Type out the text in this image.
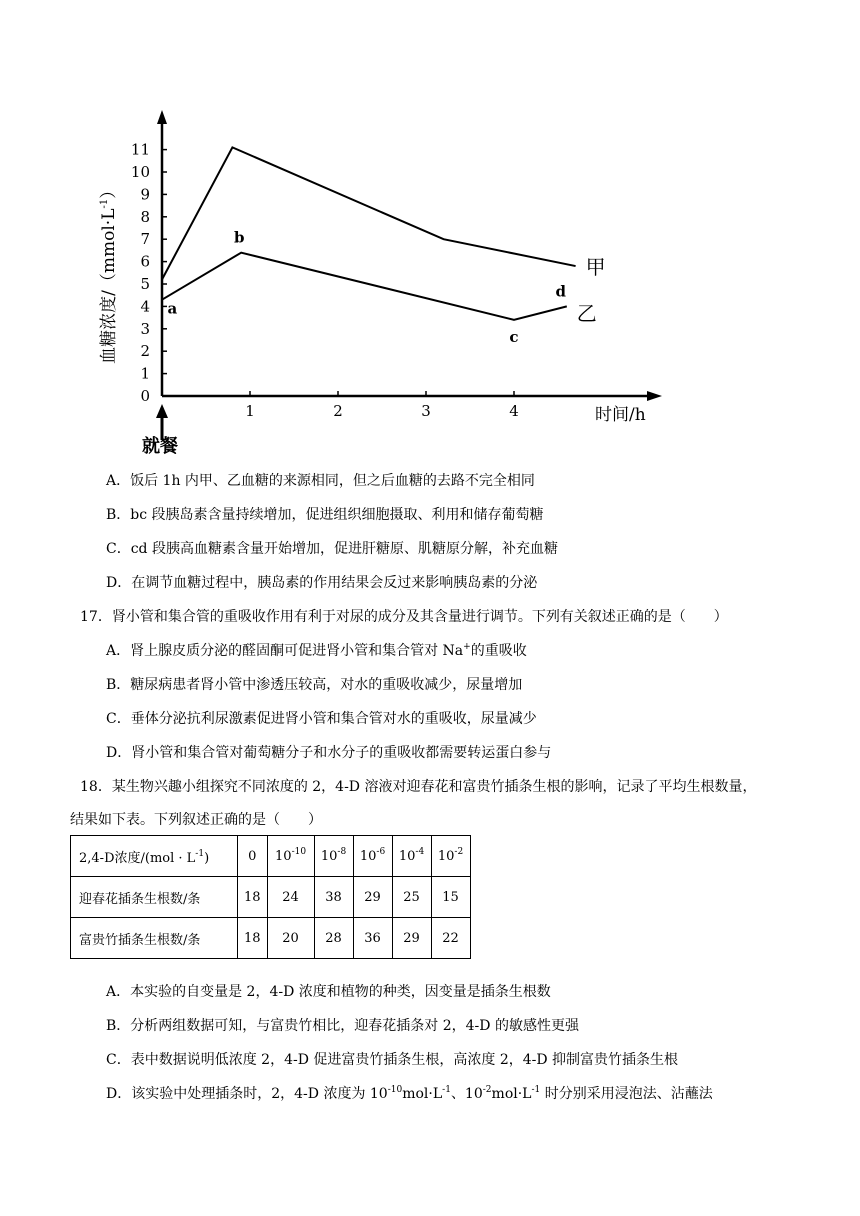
0
1
2
3
4
5
6
7
8
9
10
11
1	2	3	4	时间/h
血糖浓度$/(mmol\cdot L^{-1})$
就餐
甲
乙
a
b
c
d
A．饭后 1h 内甲、乙血糖的来源相同，但之后血糖的去路不完全相同
B．bc 段胰岛素含量持续增加，促进组织细胞摄取、利用和储存葡萄糖
C．cd 段胰高血糖素含量开始增加，促进肝糖原、肌糖原分解，补充血糖
D．在调节血糖过程中，胰岛素的作用结果会反过来影响胰岛素的分泌
17．肾小管和集合管的重吸收作用有利于对尿的成分及其含量进行调节。下列有关叙述正确的是（　　）
A．肾上腺皮质分泌的醛固酮可促进肾小管和集合管对 Na+的重吸收
B．糖尿病患者肾小管中渗透压较高，对水的重吸收减少，尿量增加
C．垂体分泌抗利尿激素促进肾小管和集合管对水的重吸收，尿量减少
D．肾小管和集合管对葡萄糖分子和水分子的重吸收都需要转运蛋白参与
18．某生物兴趣小组探究不同浓度的 2，4-D 溶液对迎春花和富贵竹插条生根的影响，记录了平均生根数量，
结果如下表。下列叙述正确的是（　　）
2,4-D浓度$/(mol \cdot L^{-1})$	0	$10^{-10}$	$10^{-8}$	$10^{-6}$	$10^{-4}$	$10^{-2}$
迎春花插条生根数/条	18	24	38	29	25	15
富贵竹插条生根数/条	18	20	28	36	29	22
A．本实验的自变量是 2，4-D 浓度和植物的种类，因变量是插条生根数
B．分析两组数据可知，与富贵竹相比，迎春花插条对 2，4-D 的敏感性更强
C．表中数据说明低浓度 2，4-D 促进富贵竹插条生根，高浓度 2，4-D 抑制富贵竹插条生根
D．该实验中处理插条时，2，4-D 浓度为 $10^{-10}mol\cdot L^{-1}$、$10^{-2}mol\cdot L^{-1}$ 时分别采用浸泡法、沾蘸法
